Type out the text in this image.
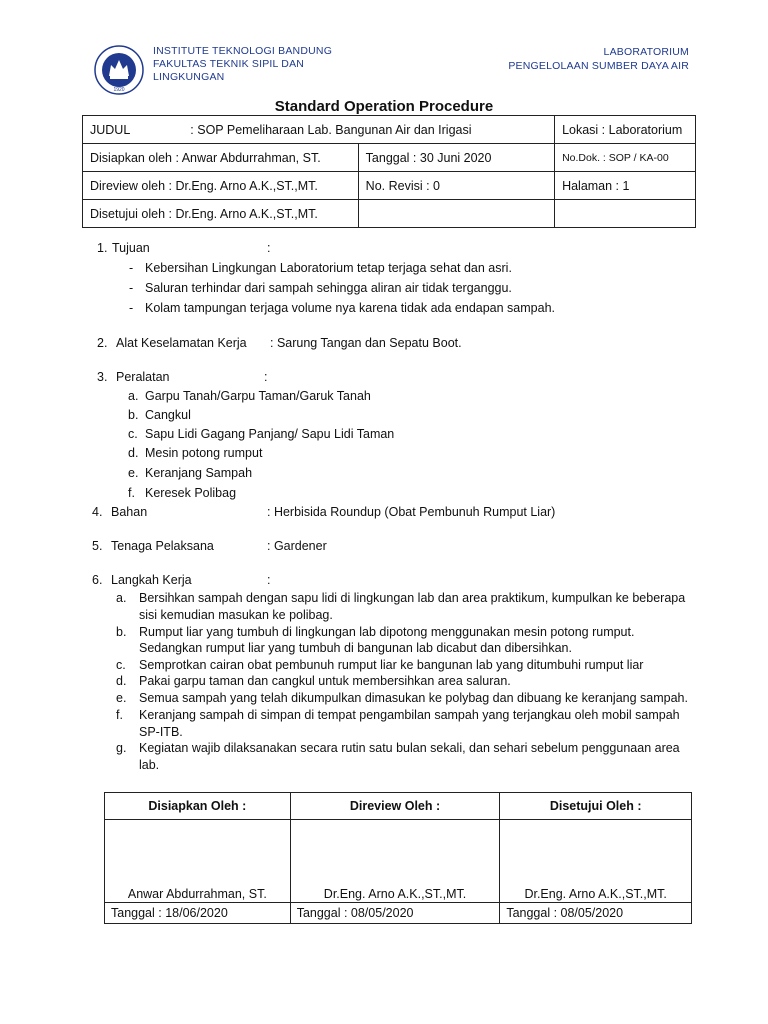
1920
INSTITUTE TEKNOLOGI BANDUNG
FAKULTAS TEKNIK SIPIL DAN
LINGKUNGAN
LABORATORIUM
PENGELOLAAN SUMBER DAYA AIR
Standard Operation Procedure
JUDUL : SOP Pemeliharaan Lab. Bangunan Air dan Irigasi		Lokasi : Laboratorium
Disiapkan oleh : Anwar Abdurrahman, ST.	Tanggal : 30 Juni 2020	No.Dok. : SOP / KA-00
Direview oleh : Dr.Eng. Arno A.K.,ST.,MT.	No. Revisi : 0	Halaman : 1
Disetujui oleh : Dr.Eng. Arno A.K.,ST.,MT.		
1. Tujuan	:
- Kebersihan Lingkungan Laboratorium tetap terjaga sehat dan asri.
- Saluran terhindar dari sampah sehingga aliran air tidak terganggu.
- Kolam tampungan terjaga volume nya karena tidak ada endapan sampah.
2. Alat Keselamatan Kerja : Sarung Tangan dan Sepatu Boot.
3. Peralatan	:
a. Garpu Tanah/Garpu Taman/Garuk Tanah
b. Cangkul
c. Sapu Lidi Gagang Panjang/ Sapu Lidi Taman
d. Mesin potong rumput
e. Keranjang Sampah
f. Keresek Polibag
4. Bahan	: Herbisida Roundup (Obat Pembunuh Rumput Liar)
5. Tenaga Pelaksana	: Gardener
6. Langkah Kerja	:
a. Bersihkan sampah dengan sapu lidi di lingkungan lab dan area praktikum, kumpulkan ke beberapa
sisi kemudian masukan ke polibag.
b. Rumput liar yang tumbuh di lingkungan lab dipotong menggunakan mesin potong rumput.
Sedangkan rumput liar yang tumbuh di bangunan lab dicabut dan dibersihkan.
c. Semprotkan cairan obat pembunuh rumput liar ke bangunan lab yang ditumbuhi rumput liar
d. Pakai garpu taman dan cangkul untuk membersihkan area saluran.
e. Semua sampah yang telah dikumpulkan dimasukan ke polybag dan dibuang ke keranjang sampah.
f. Keranjang sampah di simpan di tempat pengambilan sampah yang terjangkau oleh mobil sampah
SP-ITB.
g. Kegiatan wajib dilaksanakan secara rutin satu bulan sekali, dan sehari sebelum penggunaan area
lab.
Disiapkan Oleh :	Direview Oleh :	Disetujui Oleh :
Anwar Abdurrahman, ST.	Dr.Eng. Arno A.K.,ST.,MT.	Dr.Eng. Arno A.K.,ST.,MT.
Tanggal : 18/06/2020	Tanggal : 08/05/2020	Tanggal : 08/05/2020
